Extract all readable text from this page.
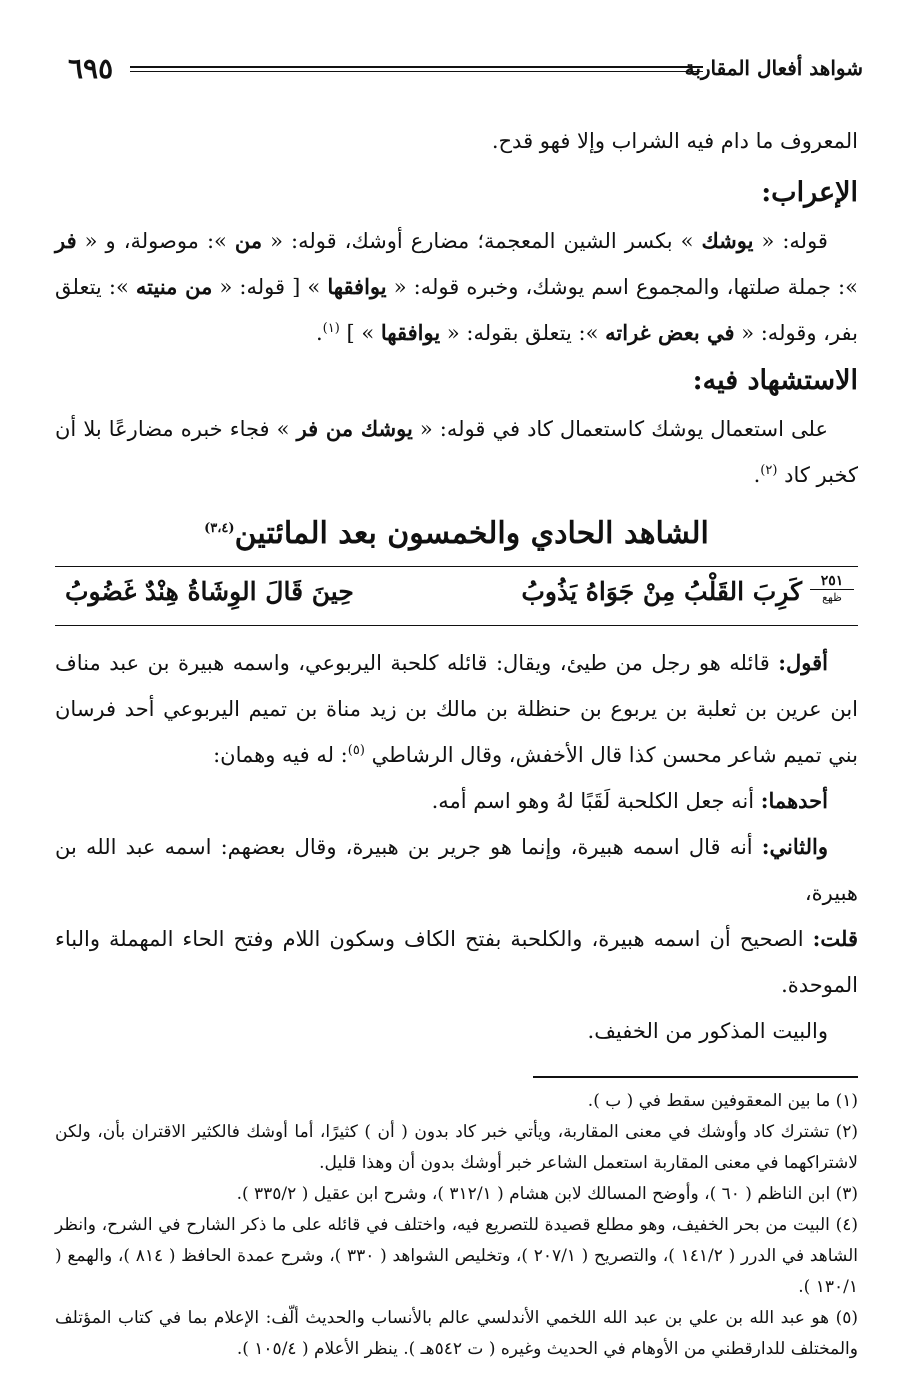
شواهد أفعال المقاربة
٦٩٥

المعروف ما دام فيه الشراب وإلا فهو قدح.

الإعراب:

قوله: « يوشك » بكسر الشين المعجمة؛ مضارع أوشك، قوله: « من »: موصولة، و « فر »: جملة صلتها، والمجموع اسم يوشك، وخبره قوله: « يوافقها » [ قوله: « من منيته »: يتعلق بفر، وقوله: « في بعض غراته »: يتعلق بقوله: « يوافقها » ] $^{(١)}$.

الاستشهاد فيه:

على استعمال يوشك كاستعمال كاد في قوله: « يوشك من فر » فجاء خبره مضارعًا بلا أن كخبر كاد $^{(٢)}$.

الشاهد الحادي والخمسون بعد المائتين$^{(٣،٤)}$

٢٥١
ظهع
كَرِبَ القَلْبُ مِنْ جَوَاهُ يَذُوبُ
حِينَ قَالَ الوِشَاةُ هِنْدٌ غَضُوبُ

أقول: قائله هو رجل من طيئ، ويقال: قائله كلحبة اليربوعي، واسمه هبيرة بن عبد مناف ابن عرين بن ثعلبة بن يربوع بن حنظلة بن مالك بن زيد مناة بن تميم اليربوعي أحد فرسان بني تميم شاعر محسن كذا قال الأخفش، وقال الرشاطي $^{(٥)}$: له فيه وهمان:

أحدهما: أنه جعل الكلحبة لَقَبًا لهُ وهو اسم أمه.

والثاني: أنه قال اسمه هبيرة، وإنما هو جرير بن هبيرة، وقال بعضهم: اسمه عبد الله بن هبيرة،

قلت: الصحيح أن اسمه هبيرة، والكلحبة بفتح الكاف وسكون اللام وفتح الحاء المهملة والباء الموحدة.

والبيت المذكور من الخفيف.

(١) ما بين المعقوفين سقط في ( ب ).

(٢) تشترك كاد وأوشك في معنى المقاربة، ويأتي خبر كاد بدون ( أن ) كثيرًا، أما أوشك فالكثير الاقتران بأن، ولكن لاشتراكهما في معنى المقاربة استعمل الشاعر خبر أوشك بدون أن وهذا قليل.

(٣) ابن الناظم ( ٦٠ )، وأوضح المسالك لابن هشام ( ٣١٢/١ )، وشرح ابن عقيل ( ٣٣٥/٢ ).

(٤) البيت من بحر الخفيف، وهو مطلع قصيدة للتصريع فيه، واختلف في قائله على ما ذكر الشارح في الشرح، وانظر الشاهد في الدرر ( ١٤١/٢ )، والتصريح ( ٢٠٧/١ )، وتخليص الشواهد ( ٣٣٠ )، وشرح عمدة الحافظ ( ٨١٤ )، والهمع ( ١٣٠/١ ).

(٥) هو عبد الله بن علي بن عبد الله اللخمي الأندلسي عالم بالأنساب والحديث ألّف: الإعلام بما في كتاب المؤتلف والمختلف للدارقطني من الأوهام في الحديث وغيره ( ت ٥٤٢هـ ). ينظر الأعلام ( ١٠٥/٤ ).
